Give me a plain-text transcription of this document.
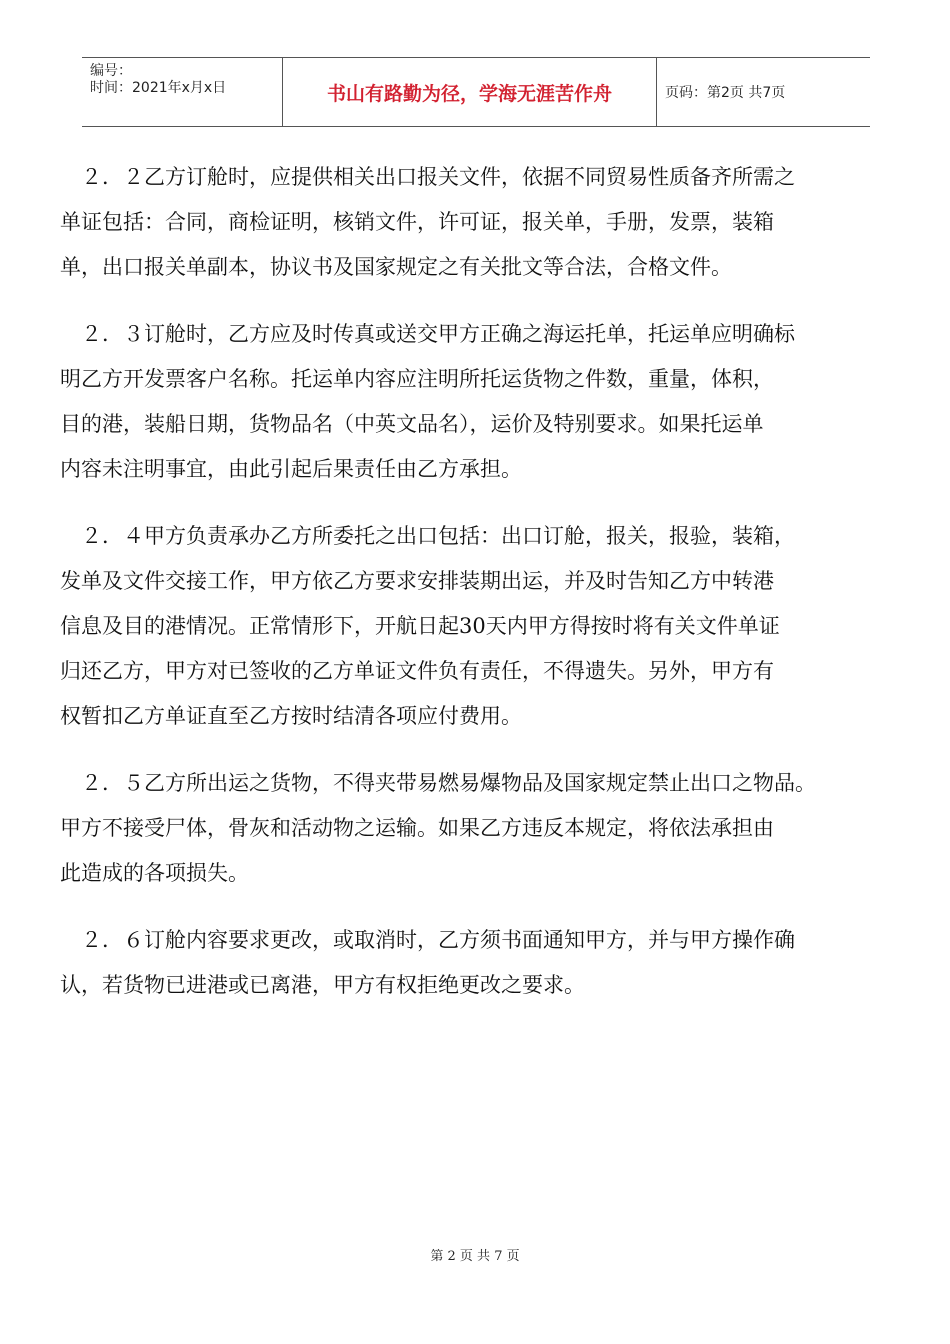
编号：
时间：2021年x月x日	书山有路勤为径，学海无涯苦作舟	页码：第2页 共7页
　２．２乙方订舱时，应提供相关出口报关文件，依据不同贸易性质备齐所需之
单证包括：合同，商检证明，核销文件，许可证，报关单，手册，发票，装箱
单，出口报关单副本，协议书及国家规定之有关批文等合法，合格文件。
　２．３订舱时，乙方应及时传真或送交甲方正确之海运托单，托运单应明确标
明乙方开发票客户名称。托运单内容应注明所托运货物之件数，重量，体积，
目的港，装船日期，货物品名（中英文品名），运价及特别要求。如果托运单
内容未注明事宜，由此引起后果责任由乙方承担。
　２．４甲方负责承办乙方所委托之出口包括：出口订舱，报关，报验，装箱，
发单及文件交接工作，甲方依乙方要求安排装期出运，并及时告知乙方中转港
信息及目的港情况。正常情形下，开航日起30天内甲方得按时将有关文件单证
归还乙方，甲方对已签收的乙方单证文件负有责任，不得遗失。另外，甲方有
权暂扣乙方单证直至乙方按时结清各项应付费用。
　２．５乙方所出运之货物，不得夹带易燃易爆物品及国家规定禁止出口之物品。
甲方不接受尸体，骨灰和活动物之运输。如果乙方违反本规定，将依法承担由
此造成的各项损失。
　２．６订舱内容要求更改，或取消时，乙方须书面通知甲方，并与甲方操作确
认，若货物已进港或已离港，甲方有权拒绝更改之要求。
第 2 页 共 7 页
